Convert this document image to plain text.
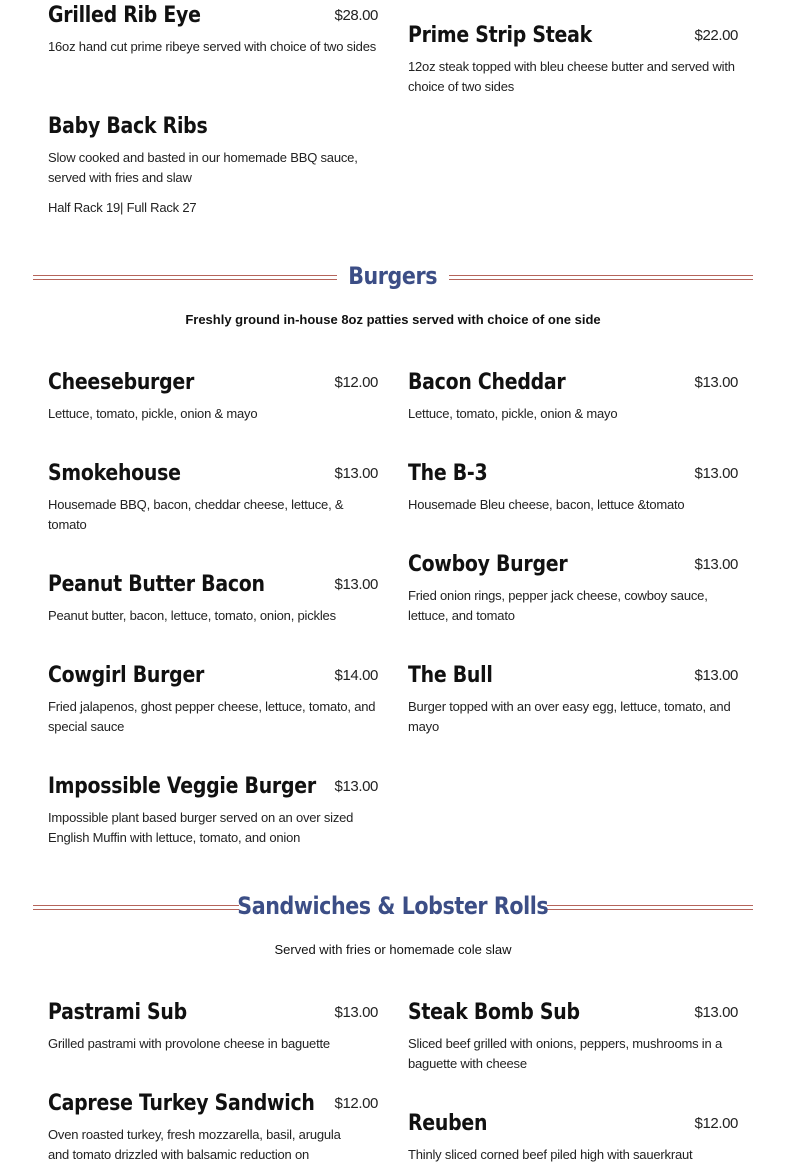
Grilled Rib Eye	$28.00
16oz hand cut prime ribeye served with choice of two sides Prime Strip Steak	$22.00
12oz steak topped with bleu cheese butter and served with choice of two sides
Baby Back Ribs
Slow cooked and basted in our homemade BBQ sauce, served with fries and slaw
Half Rack 19| Full Rack 27
Burgers
Freshly ground in-house 8oz patties served with choice of one side
Cheeseburger	$12.00
Lettuce, tomato, pickle, onion & mayo
Smokehouse	$13.00
Housemade BBQ, bacon, cheddar cheese, lettuce, & tomato
Peanut Butter Bacon	$13.00
Peanut butter, bacon, lettuce, tomato, onion, pickles
Cowgirl Burger	$14.00
Fried jalapenos, ghost pepper cheese, lettuce, tomato, and special sauce
Impossible Veggie Burger $13.00
Impossible plant based burger served on an over sized English Muffin with lettuce, tomato, and onion
Bacon Cheddar	$13.00
Lettuce, tomato, pickle, onion & mayo
The B-3	$13.00
Housemade Bleu cheese, bacon, lettuce &tomato
Cowboy Burger	$13.00
Fried onion rings, pepper jack cheese, cowboy sauce, lettuce, and tomato
The Bull	$13.00
Burger topped with an over easy egg, lettuce, tomato, and mayo
Sandwiches & Lobster Rolls
Served with fries or homemade cole slaw
Pastrami Sub	$13.00
Grilled pastrami with provolone cheese in baguette
Steak Bomb Sub	$13.00
Sliced beef grilled with onions, peppers, mushrooms in a baguette with cheese
Caprese Turkey Sandwich $12.00
Oven roasted turkey, fresh mozzarella, basil, arugula and tomato drizzled with balsamic reduction on
Reuben	$12.00
Thinly sliced corned beef piled high with sauerkraut
